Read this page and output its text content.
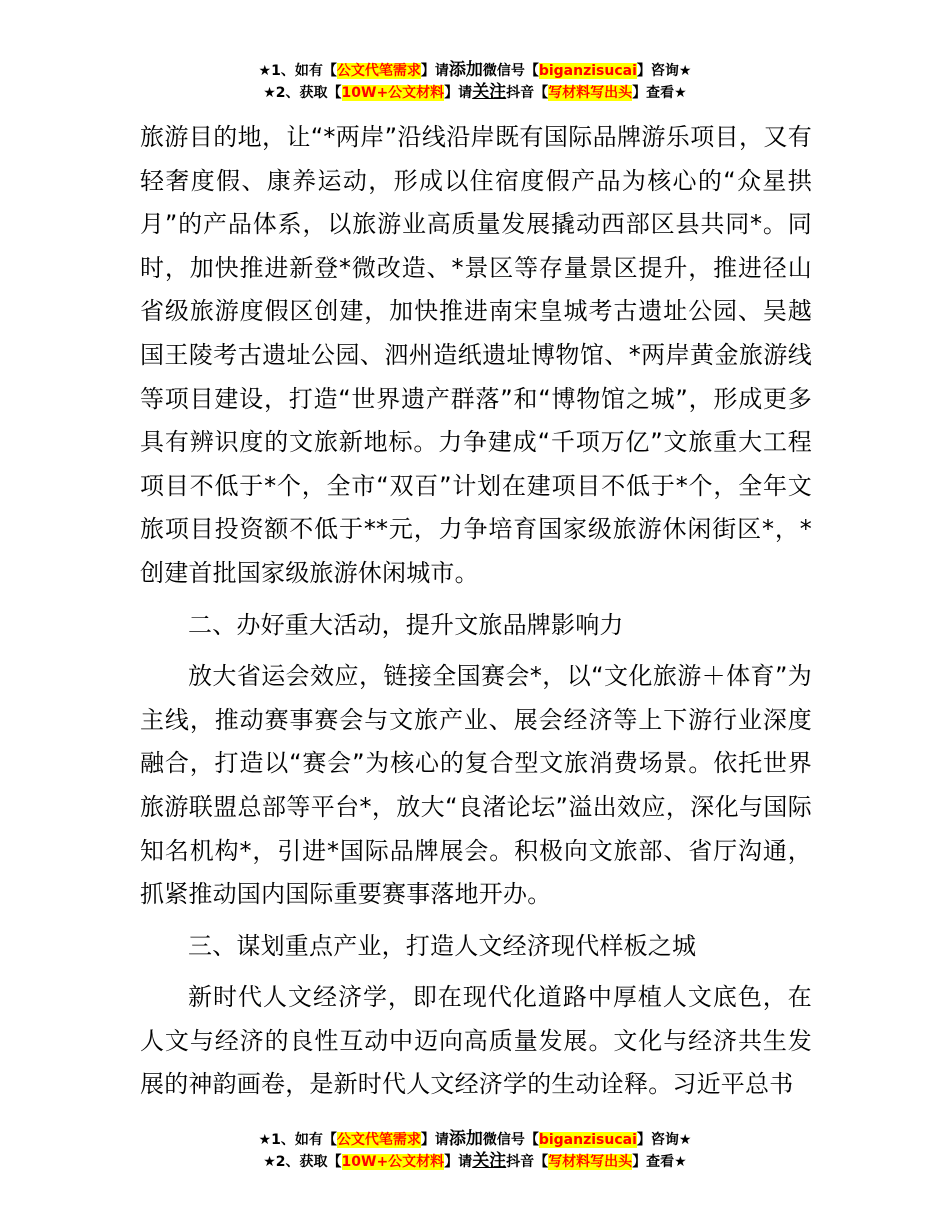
★1、如有【公文代笔需求】请添加微信号【biganzisucai】咨询★
★2、获取【10W+公文材料】请关注抖音【写材料写出头】查看★

旅游目的地，让“*两岸”沿线沿岸既有国际品牌游乐项目，又有轻奢度假、康养运动，形成以住宿度假产品为核心的“众星拱月”的产品体系，以旅游业高质量发展撬动西部区县共同*。同时，加快推进新登*微改造、*景区等存量景区提升，推进径山省级旅游度假区创建，加快推进南宋皇城考古遗址公园、吴越国王陵考古遗址公园、泗州造纸遗址博物馆、*两岸黄金旅游线等项目建设，打造“世界遗产群落”和“博物馆之城”，形成更多具有辨识度的文旅新地标。力争建成“千项万亿”文旅重大工程项目不低于*个，全市“双百”计划在建项目不低于*个，全年文旅项目投资额不低于**元，力争培育国家级旅游休闲街区*，*创建首批国家级旅游休闲城市。

二、办好重大活动，提升文旅品牌影响力

放大省运会效应，链接全国赛会*，以“文化旅游＋体育”为主线，推动赛事赛会与文旅产业、展会经济等上下游行业深度融合，打造以“赛会”为核心的复合型文旅消费场景。依托世界旅游联盟总部等平台*，放大“良渚论坛”溢出效应，深化与国际知名机构*，引进*国际品牌展会。积极向文旅部、省厅沟通，抓紧推动国内国际重要赛事落地开办。

三、谋划重点产业，打造人文经济现代样板之城

新时代人文经济学，即在现代化道路中厚植人文底色，在人文与经济的良性互动中迈向高质量发展。文化与经济共生发展的神韵画卷，是新时代人文经济学的生动诠释。习近平总书

★1、如有【公文代笔需求】请添加微信号【biganzisucai】咨询★
★2、获取【10W+公文材料】请关注抖音【写材料写出头】查看★
